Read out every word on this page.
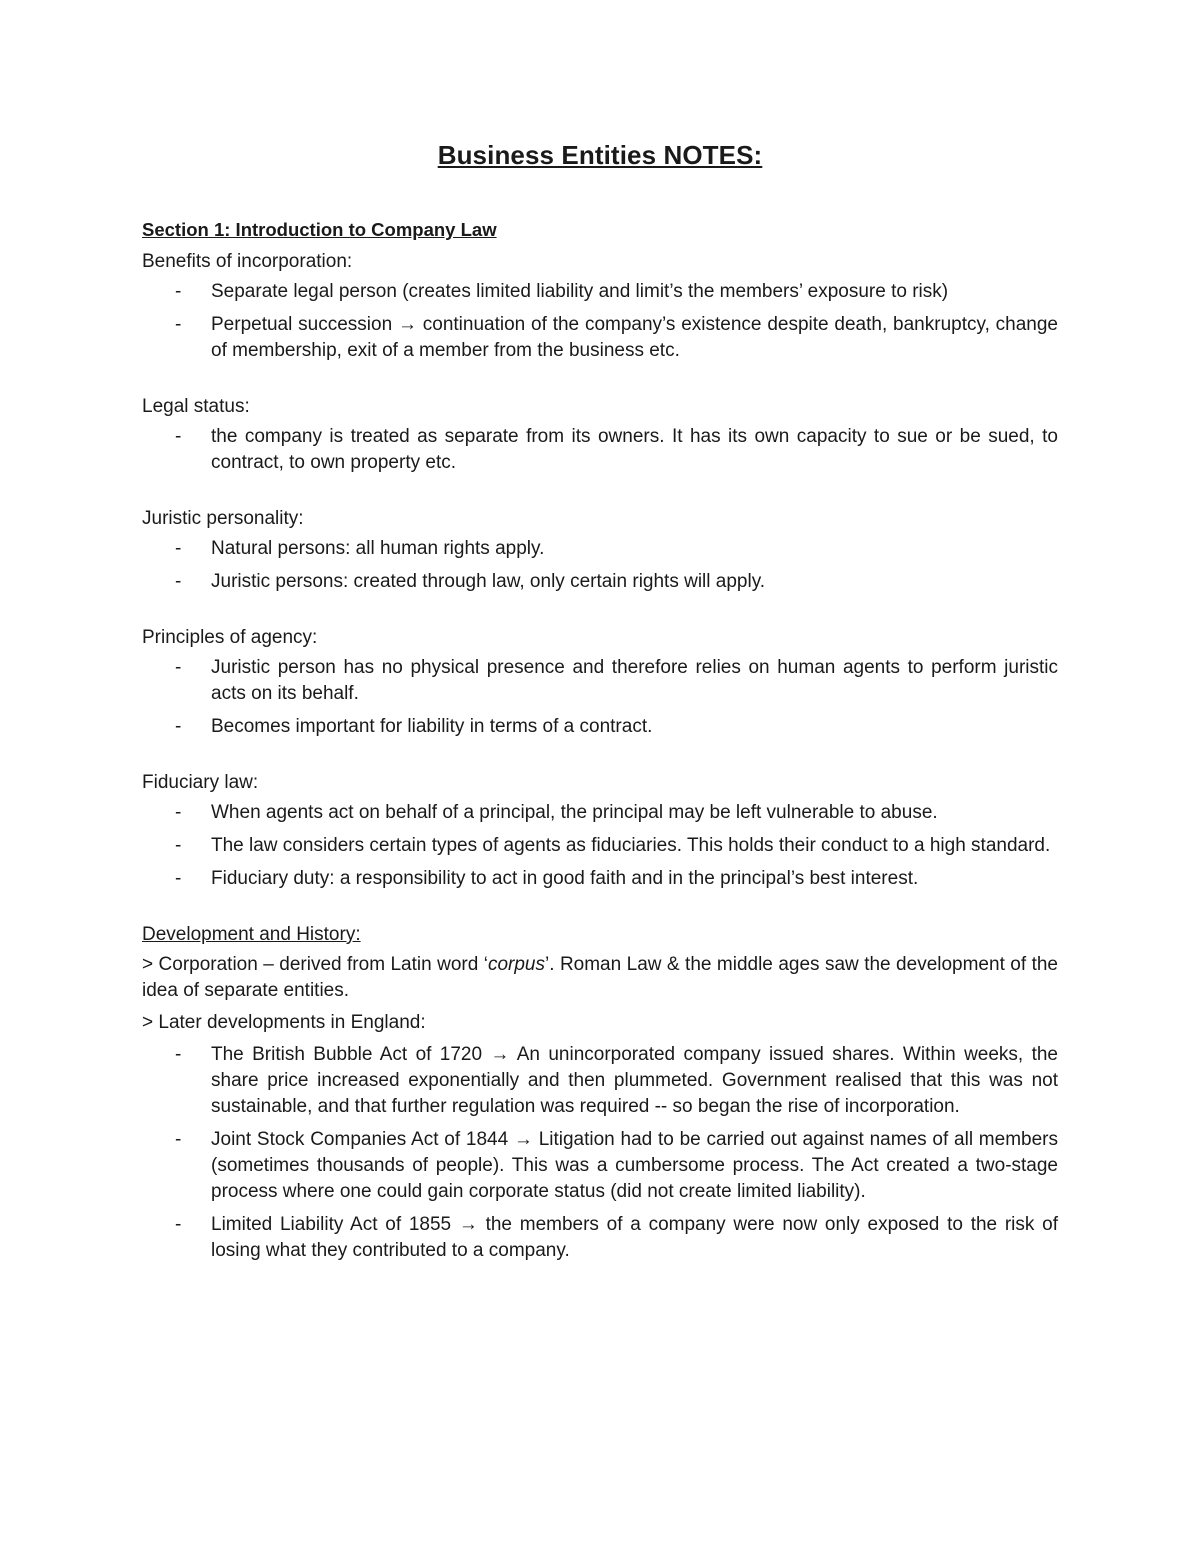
Business Entities NOTES:
Section 1: Introduction to Company Law
Benefits of incorporation:
- Separate legal person (creates limited liability and limit’s the members’ exposure to risk)
- Perpetual succession → continuation of the company’s existence despite death, bankruptcy, change of membership, exit of a member from the business etc.
Legal status:
- the company is treated as separate from its owners. It has its own capacity to sue or be sued, to contract, to own property etc.
Juristic personality:
- Natural persons: all human rights apply.
- Juristic persons: created through law, only certain rights will apply.
Principles of agency:
- Juristic person has no physical presence and therefore relies on human agents to perform juristic acts on its behalf.
- Becomes important for liability in terms of a contract.
Fiduciary law:
- When agents act on behalf of a principal, the principal may be left vulnerable to abuse.
- The law considers certain types of agents as fiduciaries. This holds their conduct to a high standard.
- Fiduciary duty: a responsibility to act in good faith and in the principal’s best interest.
Development and History:

> Corporation – derived from Latin word ‘corpus’. Roman Law & the middle ages saw the development of the idea of separate entities.

> Later developments in England:

- The British Bubble Act of 1720 → An unincorporated company issued shares. Within weeks, the share price increased exponentially and then plummeted. Government realised that this was not sustainable, and that further regulation was required -- so began the rise of incorporation.
- Joint Stock Companies Act of 1844 → Litigation had to be carried out against names of all members (sometimes thousands of people). This was a cumbersome process. The Act created a two-stage process where one could gain corporate status (did not create limited liability).
- Limited Liability Act of 1855 → the members of a company were now only exposed to the risk of losing what they contributed to a company.
